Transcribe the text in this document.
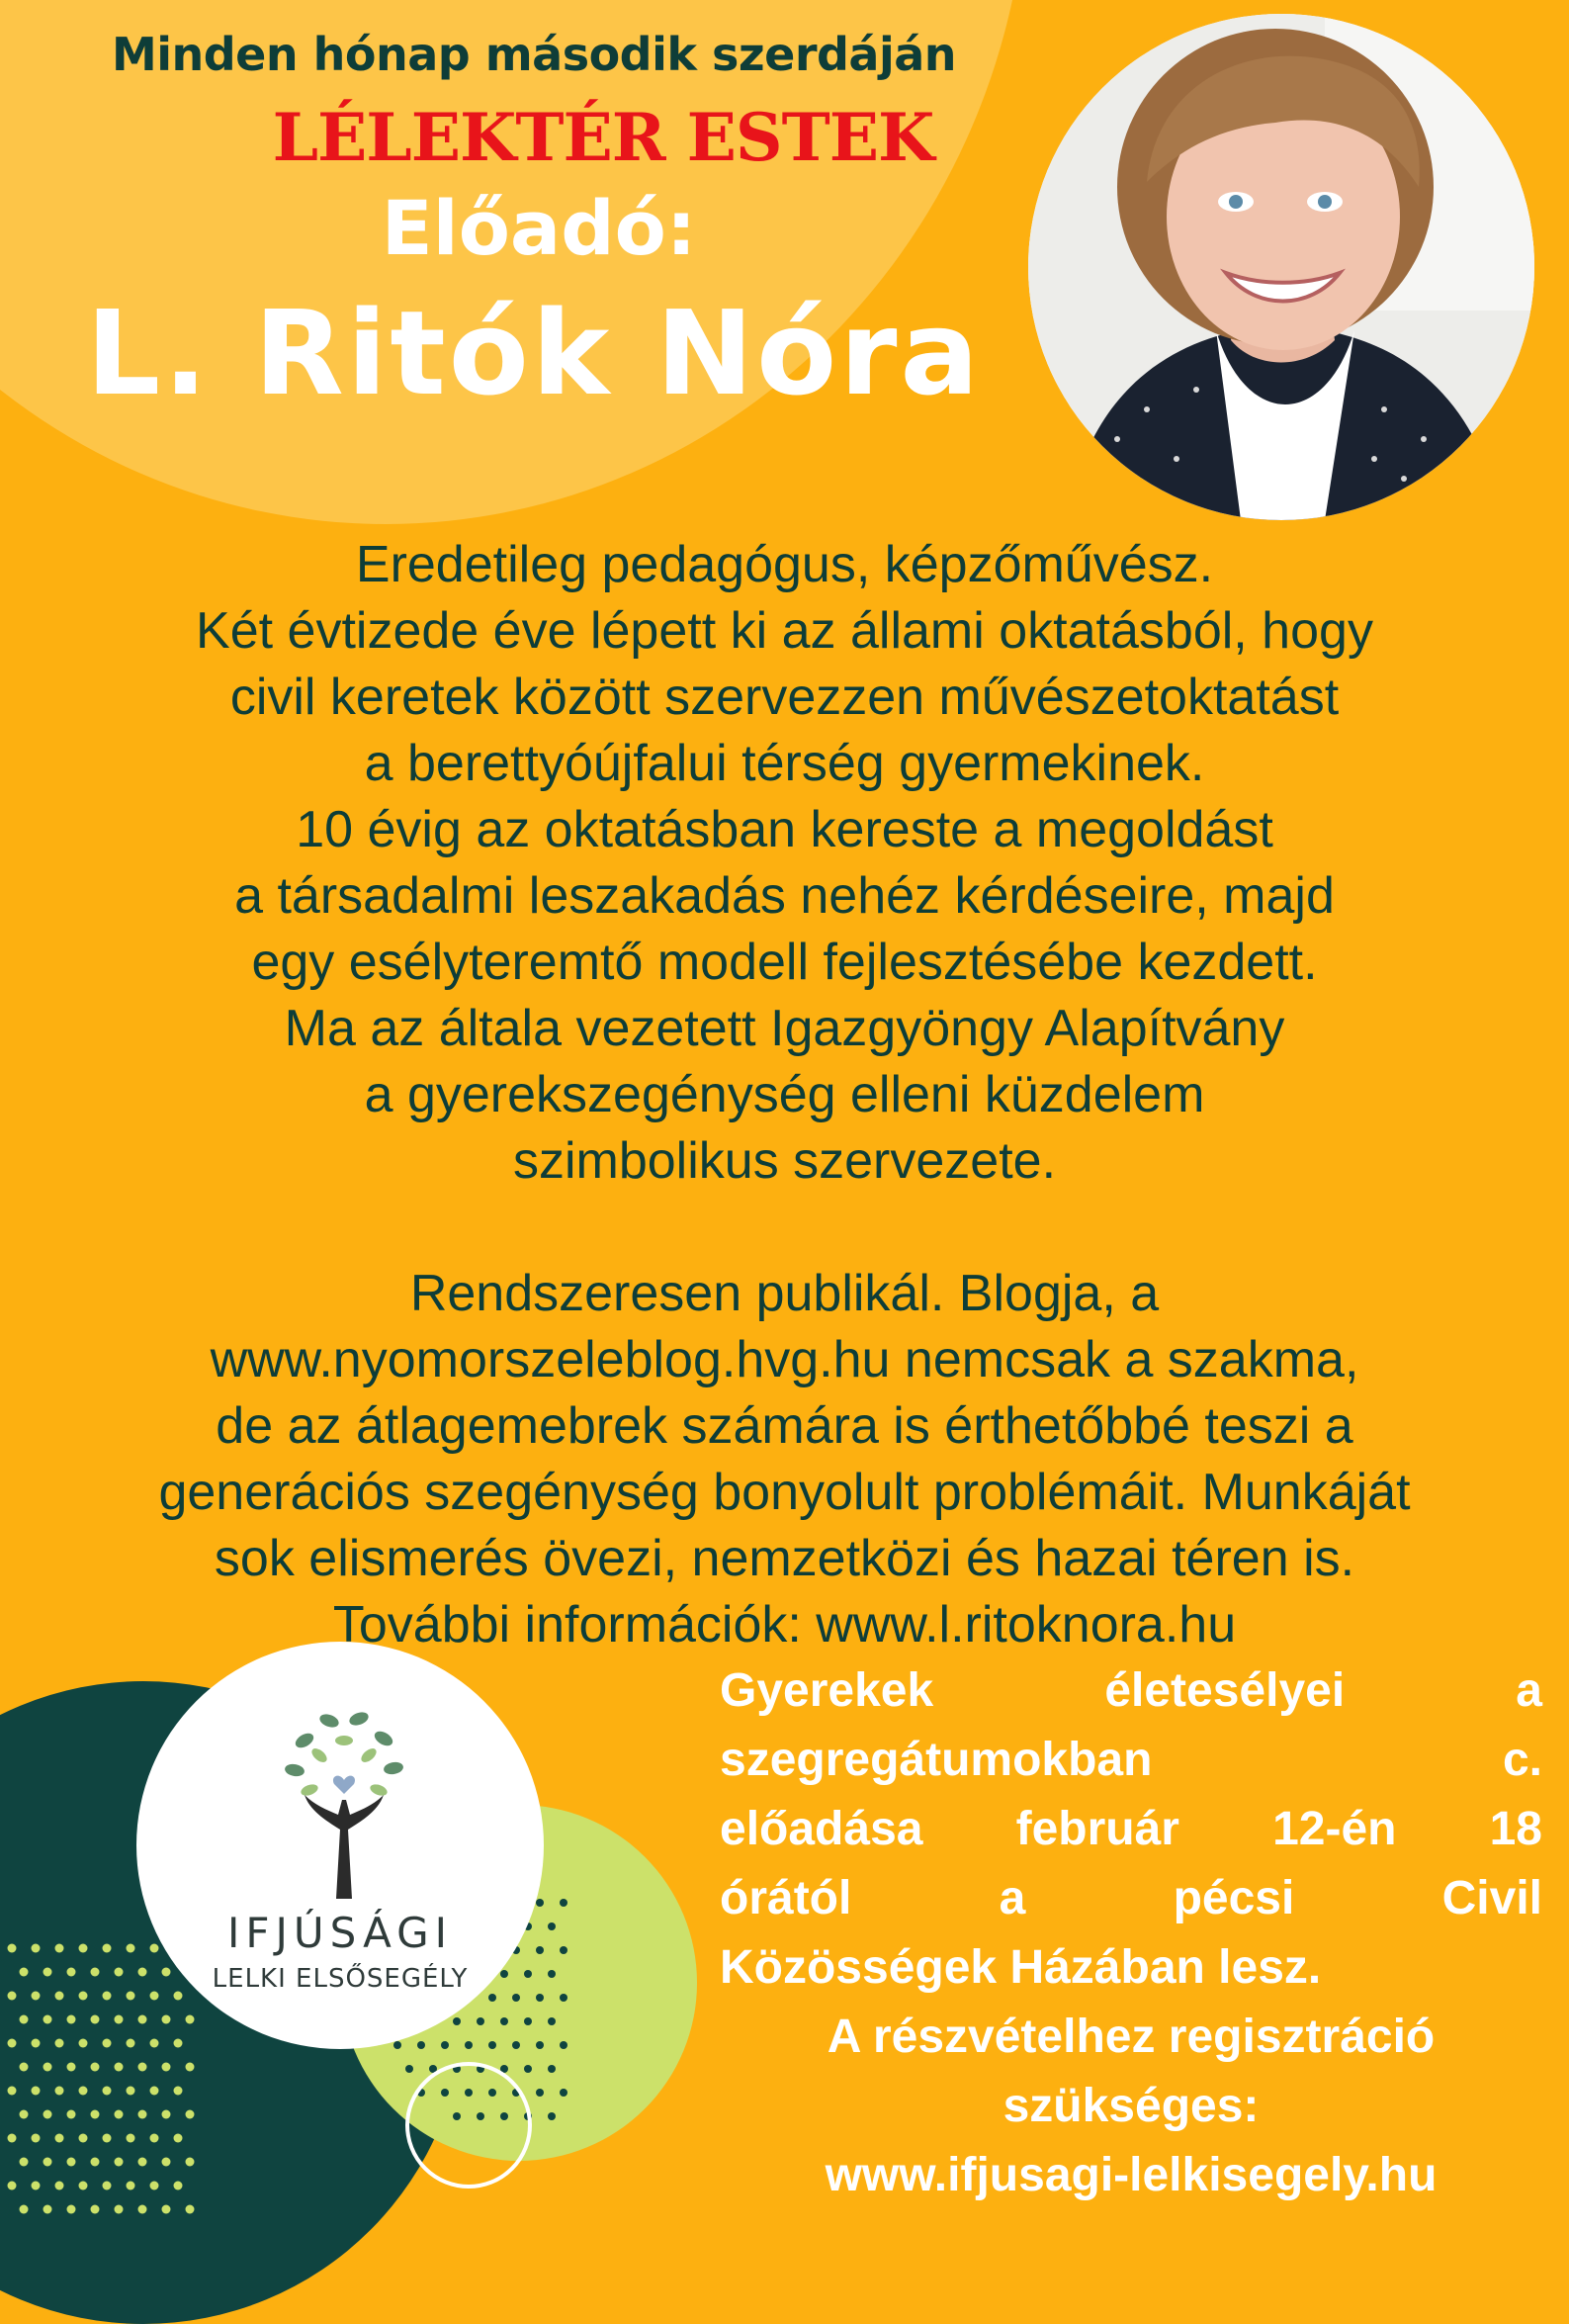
Minden hónap második szerdáján
LÉLEKTÉR ESTEK
Előadó:
L. Ritók Nóra

Eredetileg pedagógus, képzőművész.

Két évtizede éve lépett ki az állami oktatásból, hogy

civil keretek között szervezzen művészetoktatást

a berettyóújfalui térség gyermekinek.

10 évig az oktatásban kereste a megoldást

a társadalmi leszakadás nehéz kérdéseire, majd

egy esélyteremtő modell fejlesztésébe kezdett.

Ma az általa vezetett Igazgyöngy Alapítvány

a gyerekszegénység elleni küzdelem

szimbolikus szervezete.

Rendszeresen publikál. Blogja, a

www.nyomorszeleblog.hvg.hu nemcsak a szakma,

de az átlagemebrek számára is érthetőbbé teszi a

generációs szegénység bonyolult problémáit. Munkáját

sok elismerés övezi, nemzetközi és hazai téren is.

További információk: www.l.ritoknora.hu

IFJÚSÁGI
LELKI ELSŐSEGÉLY

Gyerekek életesélyei a

szegregátumokban c.

előadása február 12-én 18

órától a pécsi Civil

Közösségek Házában lesz.

A részvételhez regisztráció

szükséges:

www.ifjusagi-lelkisegely.hu
